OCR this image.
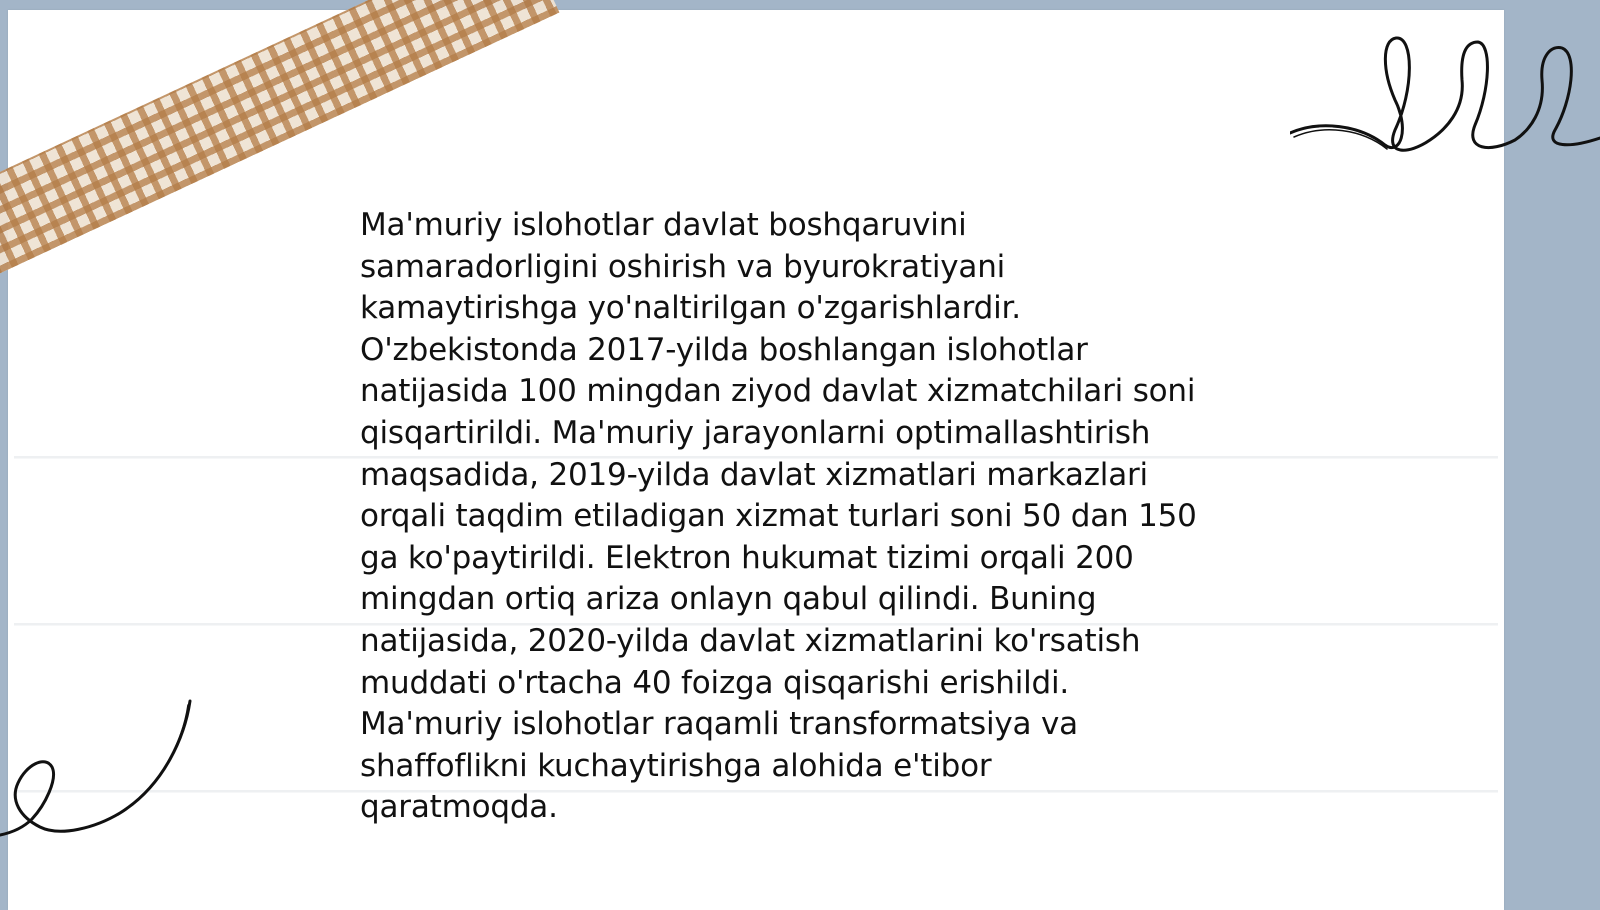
Ma'muriy islohotlar davlat boshqaruvini
samaradorligini oshirish va byurokratiyani
kamaytirishga yo'naltirilgan o'zgarishlardir.
O'zbekistonda 2017-yilda boshlangan islohotlar
natijasida 100 mingdan ziyod davlat xizmatchilari soni
qisqartirildi. Ma'muriy jarayonlarni optimallashtirish
maqsadida, 2019-yilda davlat xizmatlari markazlari
orqali taqdim etiladigan xizmat turlari soni 50 dan 150
ga ko'paytirildi. Elektron hukumat tizimi orqali 200
mingdan ortiq ariza onlayn qabul qilindi. Buning
natijasida, 2020-yilda davlat xizmatlarini ko'rsatish
muddati o'rtacha 40 foizga qisqarishi erishildi.
Ma'muriy islohotlar raqamli transformatsiya va
shaffoflikni kuchaytirishga alohida e'tibor
qaratmoqda.
